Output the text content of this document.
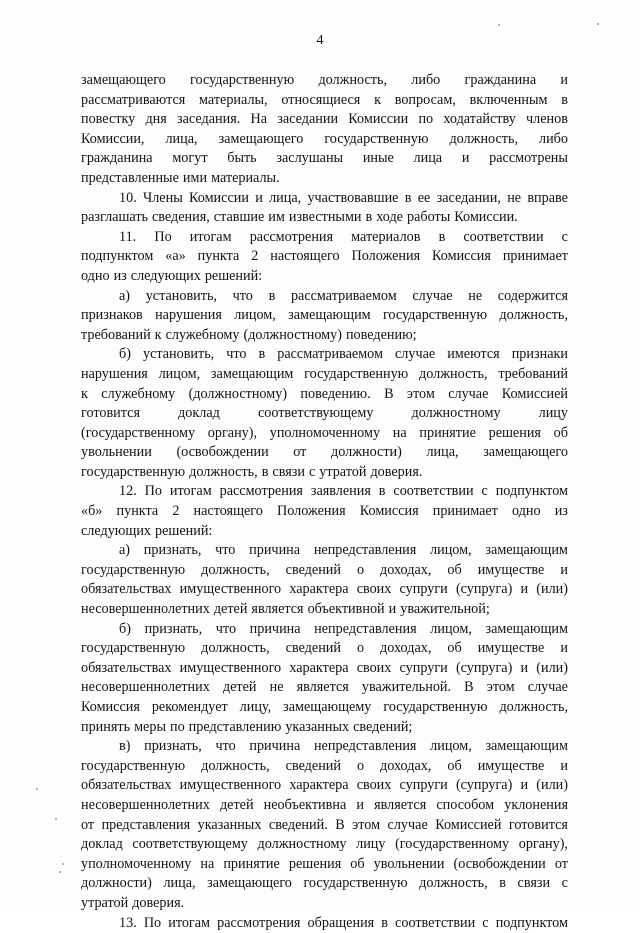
4
замещающего государственную должность, либо гражданина и
рассматриваются материалы, относящиеся к вопросам, включенным в
повестку дня заседания. На заседании Комиссии по ходатайству членов
Комиссии, лица, замещающего государственную должность, либо
гражданина могут быть заслушаны иные лица и рассмотрены
представленные ими материалы.
10. Члены Комиссии и лица, участвовавшие в ее заседании, не вправе
разглашать сведения, ставшие им известными в ходе работы Комиссии.
11. По итогам рассмотрения материалов в соответствии с
подпунктом «а» пункта 2 настоящего Положения Комиссия принимает
одно из следующих решений:
а) установить, что в рассматриваемом случае не содержится
признаков нарушения лицом, замещающим государственную должность,
требований к служебному (должностному) поведению;
б) установить, что в рассматриваемом случае имеются признаки
нарушения лицом, замещающим государственную должность, требований
к служебному (должностному) поведению. В этом случае Комиссией
готовится	доклад	соответствующему	должностному	лицу
(государственному органу), уполномоченному на принятие решения об
увольнении (освобождении от должности) лица, замещающего
государственную должность, в связи с утратой доверия.
12. По итогам рассмотрения заявления в соответствии с подпунктом
«б» пункта 2 настоящего Положения Комиссия принимает одно из
следующих решений:
а) признать, что причина непредставления лицом, замещающим
государственную должность, сведений о доходах, об имуществе и
обязательствах имущественного характера своих супруги (супруга) и (или)
несовершеннолетних детей является объективной и уважительной;
б) признать, что причина непредставления лицом, замещающим
государственную должность, сведений о доходах, об имуществе и
обязательствах имущественного характера своих супруги (супруга) и (или)
несовершеннолетних детей не является уважительной. В этом случае
Комиссия рекомендует лицу, замещающему государственную должность,
принять меры по представлению указанных сведений;
в) признать, что причина непредставления лицом, замещающим
государственную должность, сведений о доходах, об имуществе и
обязательствах имущественного характера своих супруги (супруга) и (или)
несовершеннолетних детей необъективна и является способом уклонения
от представления указанных сведений. В этом случае Комиссией готовится
доклад соответствующему должностному лицу (государственному органу),
уполномоченному на принятие решения об увольнении (освобождении от
должности) лица, замещающего государственную должность, в связи с
утратой доверия.
13. По итогам рассмотрения обращения в соответствии с подпунктом
